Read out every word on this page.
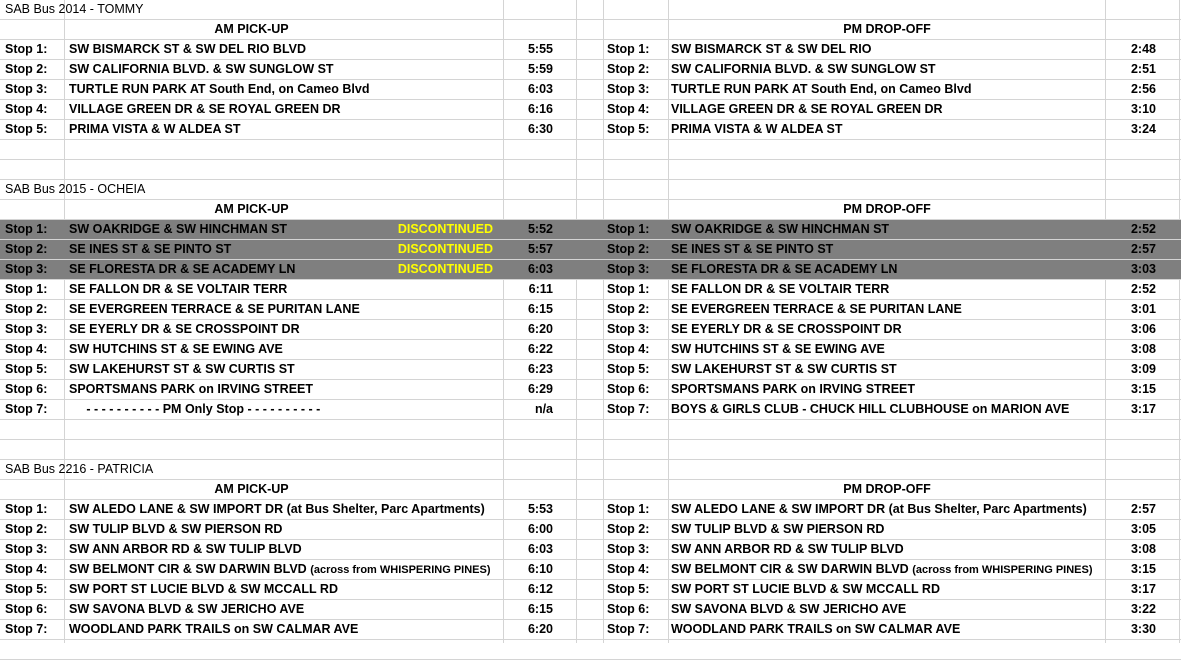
SAB Bus 2014 - TOMMY
AM PICK-UP	PM DROP-OFF
Stop 1: SW BISMARCK ST & SW DEL RIO BLVD	5:55	Stop 1: SW BISMARCK ST & SW DEL RIO	2:48
Stop 2: SW CALIFORNIA BLVD. & SW SUNGLOW ST	5:59	Stop 2: SW CALIFORNIA BLVD. & SW SUNGLOW ST	2:51
Stop 3: TURTLE RUN PARK AT South End, on Cameo Blvd	6:03	Stop 3: TURTLE RUN PARK AT South End, on Cameo Blvd	2:56
Stop 4: VILLAGE GREEN DR & SE ROYAL GREEN DR	6:16	Stop 4: VILLAGE GREEN DR & SE ROYAL GREEN DR	3:10
Stop 5: PRIMA VISTA & W ALDEA ST	6:30	Stop 5: PRIMA VISTA & W ALDEA ST	3:24
SAB Bus 2015 - OCHEIA
AM PICK-UP	PM DROP-OFF
Stop 1: SW OAKRIDGE & SW HINCHMAN ST	DISCONTINUED	5:52	Stop 1: SW OAKRIDGE & SW HINCHMAN ST	2:52
Stop 2: SE INES ST & SE PINTO ST	DISCONTINUED	5:57	Stop 2: SE INES ST & SE PINTO ST	2:57
Stop 3: SE FLORESTA DR & SE ACADEMY LN	DISCONTINUED	6:03	Stop 3: SE FLORESTA DR & SE ACADEMY LN	3:03
Stop 1: SE FALLON DR & SE VOLTAIR TERR	6:11	Stop 1: SE FALLON DR & SE VOLTAIR TERR	2:52
Stop 2: SE EVERGREEN TERRACE & SE PURITAN LANE	6:15	Stop 2: SE EVERGREEN TERRACE & SE PURITAN LANE	3:01
Stop 3: SE EYERLY DR & SE CROSSPOINT DR	6:20	Stop 3: SE EYERLY DR & SE CROSSPOINT DR	3:06
Stop 4: SW HUTCHINS ST & SE EWING AVE	6:22	Stop 4: SW HUTCHINS ST & SE EWING AVE	3:08
Stop 5: SW LAKEHURST ST & SW CURTIS ST	6:23	Stop 5: SW LAKEHURST ST & SW CURTIS ST	3:09
Stop 6: SPORTSMANS PARK on IRVING STREET	6:29	Stop 6: SPORTSMANS PARK on IRVING STREET	3:15
Stop 7: - - - - - - - - - - PM Only Stop - - - - - - - - - -	n/a	Stop 7: BOYS & GIRLS CLUB - CHUCK HILL CLUBHOUSE on MARION AVE	3:17
SAB Bus 2216 - PATRICIA
AM PICK-UP	PM DROP-OFF
Stop 1: SW ALEDO LANE & SW IMPORT DR (at Bus Shelter, Parc Apartments)	5:53	Stop 1: SW ALEDO LANE & SW IMPORT DR (at Bus Shelter, Parc Apartments)	2:57
Stop 2: SW TULIP BLVD & SW PIERSON RD	6:00	Stop 2: SW TULIP BLVD & SW PIERSON RD	3:05
Stop 3: SW ANN ARBOR RD & SW TULIP BLVD	6:03	Stop 3: SW ANN ARBOR RD & SW TULIP BLVD	3:08
Stop 4: SW BELMONT CIR & SW DARWIN BLVD (across from WHISPERING PINES)	6:10	Stop 4: SW BELMONT CIR & SW DARWIN BLVD (across from WHISPERING PINES)	3:15
Stop 5: SW PORT ST LUCIE BLVD & SW MCCALL RD	6:12	Stop 5: SW PORT ST LUCIE BLVD & SW MCCALL RD	3:17
Stop 6: SW SAVONA BLVD & SW JERICHO AVE	6:15	Stop 6: SW SAVONA BLVD & SW JERICHO AVE	3:22
Stop 7: WOODLAND PARK TRAILS on SW CALMAR AVE	6:20	Stop 7: WOODLAND PARK TRAILS on SW CALMAR AVE	3:30
